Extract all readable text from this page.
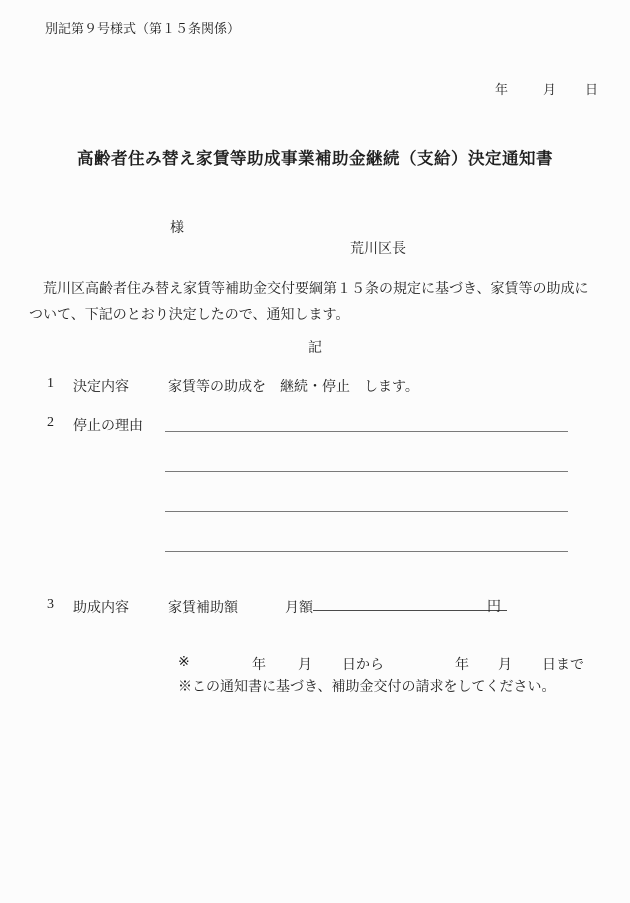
別記第９号様式（第１５条関係）
年	月 日
高齢者住み替え家賃等助成事業補助金継続（支給）決定通知書
様
荒川区長
　荒川区高齢者住み替え家賃等補助金交付要綱第１５条の規定に基づき、家賃等の助成に
ついて、下記のとおり決定したので、通知します。
記
1 決定内容	家賃等の助成を　継続・停止　します。
2 停止の理由
3 助成内容	家賃補助額	月額	円
※	年 月 日から	年 月 日まで
※この通知書に基づき、補助金交付の請求をしてください。
